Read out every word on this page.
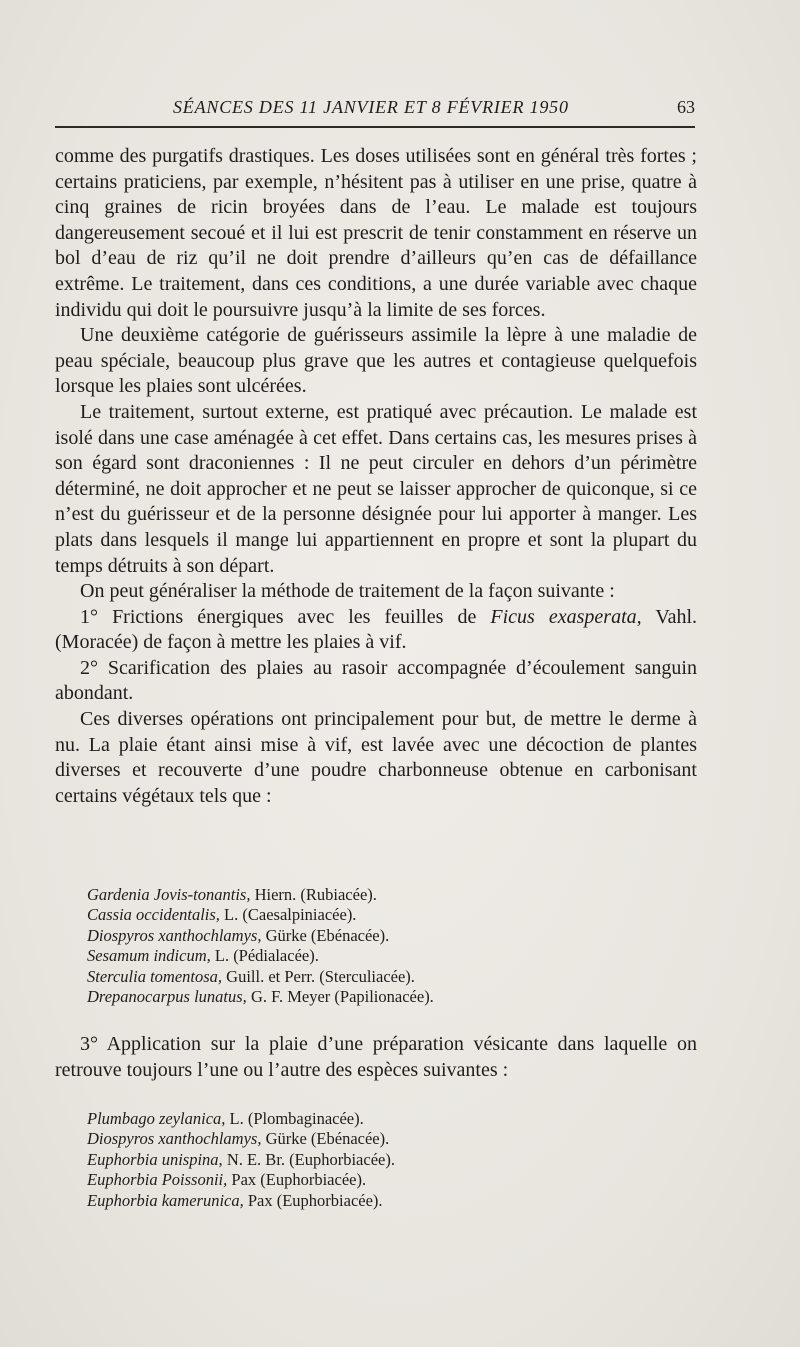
SÉANCES DES 11 JANVIER ET 8 FÉVRIER 1950	63

comme des purgatifs drastiques. Les doses utilisées sont en général très fortes ; certains praticiens, par exemple, n’hésitent pas à utiliser en une prise, quatre à cinq graines de ricin broyées dans de l’eau. Le malade est toujours dangereusement secoué et il lui est prescrit de tenir constamment en réserve un bol d’eau de riz qu’il ne doit prendre d’ailleurs qu’en cas de défaillance extrême. Le traitement, dans ces conditions, a une durée variable avec chaque individu qui doit le poursuivre jusqu’à la limite de ses forces.

Une deuxième catégorie de guérisseurs assimile la lèpre à une maladie de peau spéciale, beaucoup plus grave que les autres et contagieuse quelquefois lorsque les plaies sont ulcérées.

Le traitement, surtout externe, est pratiqué avec précaution. Le malade est isolé dans une case aménagée à cet effet. Dans certains cas, les mesures prises à son égard sont draconiennes : Il ne peut circuler en dehors d’un périmètre déterminé, ne doit approcher et ne peut se laisser approcher de quiconque, si ce n’est du guérisseur et de la personne désignée pour lui apporter à manger. Les plats dans lesquels il mange lui appartiennent en propre et sont la plupart du temps détruits à son départ.

On peut généraliser la méthode de traitement de la façon suivante :

1° Frictions énergiques avec les feuilles de Ficus exasperata, Vahl. (Moracée) de façon à mettre les plaies à vif.

2° Scarification des plaies au rasoir accompagnée d’écoulement sanguin abondant.

Ces diverses opérations ont principalement pour but, de mettre le derme à nu. La plaie étant ainsi mise à vif, est lavée avec une décoction de plantes diverses et recouverte d’une poudre charbonneuse obtenue en carbonisant certains végétaux tels que :

Gardenia Jovis-tonantis, Hiern. (Rubiacée).
Cassia occidentalis, L. (Caesalpiniacée).
Diospyros xanthochlamys, Gürke (Ebénacée).
Sesamum indicum, L. (Pédialacée).
Sterculia tomentosa, Guill. et Perr. (Sterculiacée).
Drepanocarpus lunatus, G. F. Meyer (Papilionacée).

3° Application sur la plaie d’une préparation vésicante dans laquelle on retrouve toujours l’une ou l’autre des espèces suivantes :

Plumbago zeylanica, L. (Plombaginacée).
Diospyros xanthochlamys, Gürke (Ebénacée).
Euphorbia unispina, N. E. Br. (Euphorbiacée).
Euphorbia Poissonii, Pax (Euphorbiacée).
Euphorbia kamerunica, Pax (Euphorbiacée).
